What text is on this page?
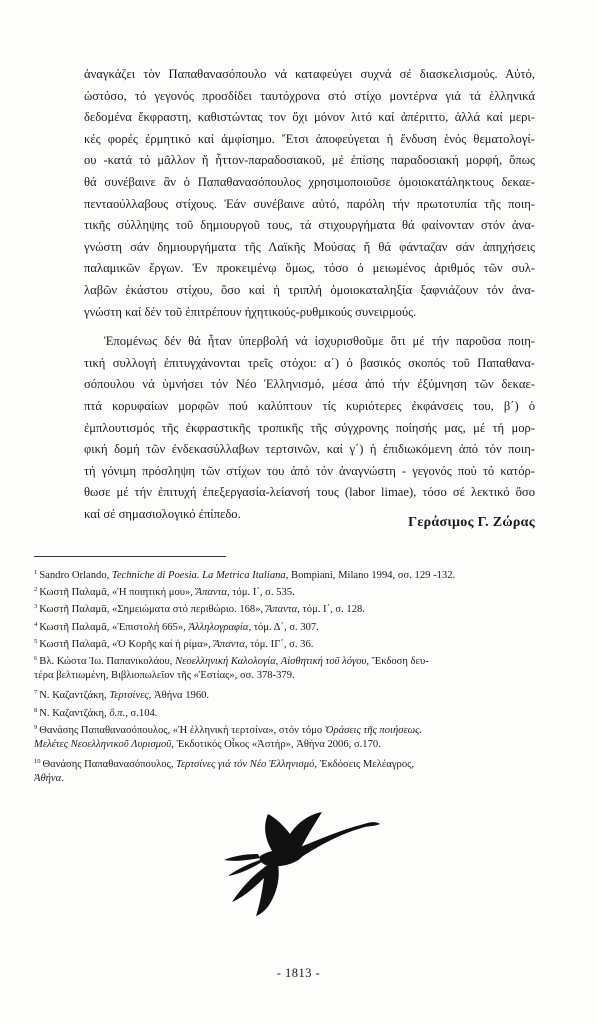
ἀναγκάζει τὸν Παπαθανασόπουλο νά καταφεύγει συχνά σέ διασκελισμούς. Αὐτό,
ὡστόσο, τό γεγονός προσδίδει ταυτόχρονα στό στίχο μοντέρνα γιά τά ἑλληνικά
δεδομένα ἔκφραστη, καθιστώντας τον ὄχι μόνον λιτό καί ἀπέριττο, ἀλλά καί μερι-
κές φορές ἐρμητικό καί ἀμφίσημο. Ἔτσι ἀποφεύγεται ἡ ἔνδυση ἑνός θεματολογί-
ου -κατά τό μᾶλλον ἤ ἧττον-παραδοσιακοῦ, μέ ἐπίσης παραδοσιακή μορφή, ὅπως
θά συνέβαινε ἂν ὁ Παπαθανασόπουλος χρησιμοποιοῦσε ὁμοιοκατάληκτους δεκαε-
πενταούλλαβους στίχους. Ἐάν συνέβαινε αὐτό, παρόλη τήν πρωτοτυπία τῆς ποιη-
τικῆς σύλληψης τοῦ δημιουργοῦ τους, τά στιχουργήματα θά φαίνονταν στόν ἀνα-
γνώστη σάν δημιουργήματα τῆς Λαϊκῆς Μούσας ἤ θά φάνταζαν σάν ἀπηχήσεις
παλαμικῶν ἔργων. Ἐν προκειμένῳ ὅμως, τόσο ὁ μειωμένος ἀριθμός τῶν συλ-
λαβῶν ἑκάστου στίχου, ὅσο καί ἡ τριπλή ὁμοιοκαταληξία ξαφνιάζουν τόν ἀνα-
γνώστη καί δέν τοῦ ἐπιτρέπουν ἠχητικούς-ρυθμικούς συνειρμούς.
Ἑπομένως δέν θά ἦταν ὑπερβολή νά ἰσχυρισθοῦμε ὅτι μέ τήν παροῦσα ποιη-
τική συλλογή ἐπιτυγχάνονται τρεῖς στόχοι: α΄) ὁ βασικός σκοπός τοῦ Παπαθανα-
σόπουλου νά ὑμνήσει τόν Νέο Ἑλληνισμό, μέσα ἀπό τήν ἐξύμνηση τῶν δεκαε-
πτά κορυφαίων μορφῶν πού καλύπτουν τίς κυριότερες ἐκφάνσεις του, β΄) ὁ
ἐμπλουτισμός τῆς ἐκφραστικῆς τροπικῆς τῆς σύγχρονης ποίησής μας, μέ τή μορ-
φική δομή τῶν ἐνδεκασύλλαβων τερτσινῶν, καί γ΄) ἡ ἐπιδιωκόμενη ἀπό τόν ποιη-
τή γόνιμη πρόσληψη τῶν στίχων του ἀπό τόν ἀναγνώστη - γεγονός πού τό κατόρ-
θωσε μέ τήν ἐπιτυχή ἐπεξεργασία-λείανσή τους (labor limae), τόσο σέ λεκτικό ὅσο
καί σέ σημασιολογικό ἐπίπεδο.
Γεράσιμος Γ. Ζώρας
$^1$ Sandro Orlando, Techniche di Poesia. La Metrica Italiana, Bompiani, Milano 1994, σσ. 129 -132.
$^2$ Κωστῆ Παλαμᾶ, «Ἡ ποιητική μου», Ἅπαντα, τόμ. Ι΄, σ. 535.
$^3$ Κωστῆ Παλαμᾶ, «Σημειώματα στό περιθώριο. 168», Ἅπαντα, τόμ. Ι΄, σ. 128.
$^4$ Κωστῆ Παλαμᾶ, «Ἐπιστολή 665», Ἀλληλογραφία, τόμ. Δ΄, σ. 307.
$^5$ Κωστῆ Παλαμᾶ, «Ὁ Κορῆς καί ἡ ρίμα», Ἅπαντα, τόμ. ΙΓ΄, σ. 36.
$^6$ Βλ. Κώστα Ἰω. Παπανικολάου, Νεοελληνική Καλολογία, Αἰσθητική τοῦ λόγου, Ἔκδοση δευ-
τέρα βελτιωμένη, Βιβλιοπωλεῖον τῆς «Ἑστίας», σσ. 378-379.
$^7$ Ν. Καζαντζάκη, Τερτσίνες, Ἀθήνα 1960.
$^8$ Ν. Καζαντζάκη, ὅ.π., σ.104.
$^9$ Θανάσης Παπαθανασόπουλος, «Ἡ ἑλληνική τερτσίνα», στόν τόμο Ὁράσεις τῆς ποιήσεως.
Μελέτες Νεοελληνικοῦ Λυρισμοῦ, Ἐκδοτικός Οἶκος «Ἀστήρ», Ἀθήνα 2006, σ.170.
$^{10}$ Θανάσης Παπαθανασόπουλος, Τερτσίνες γιά τόν Νέο Ἑλληνισμό, Ἐκδόσεις Μελέαγρος,
Ἀθήνα.
- 1813 -
